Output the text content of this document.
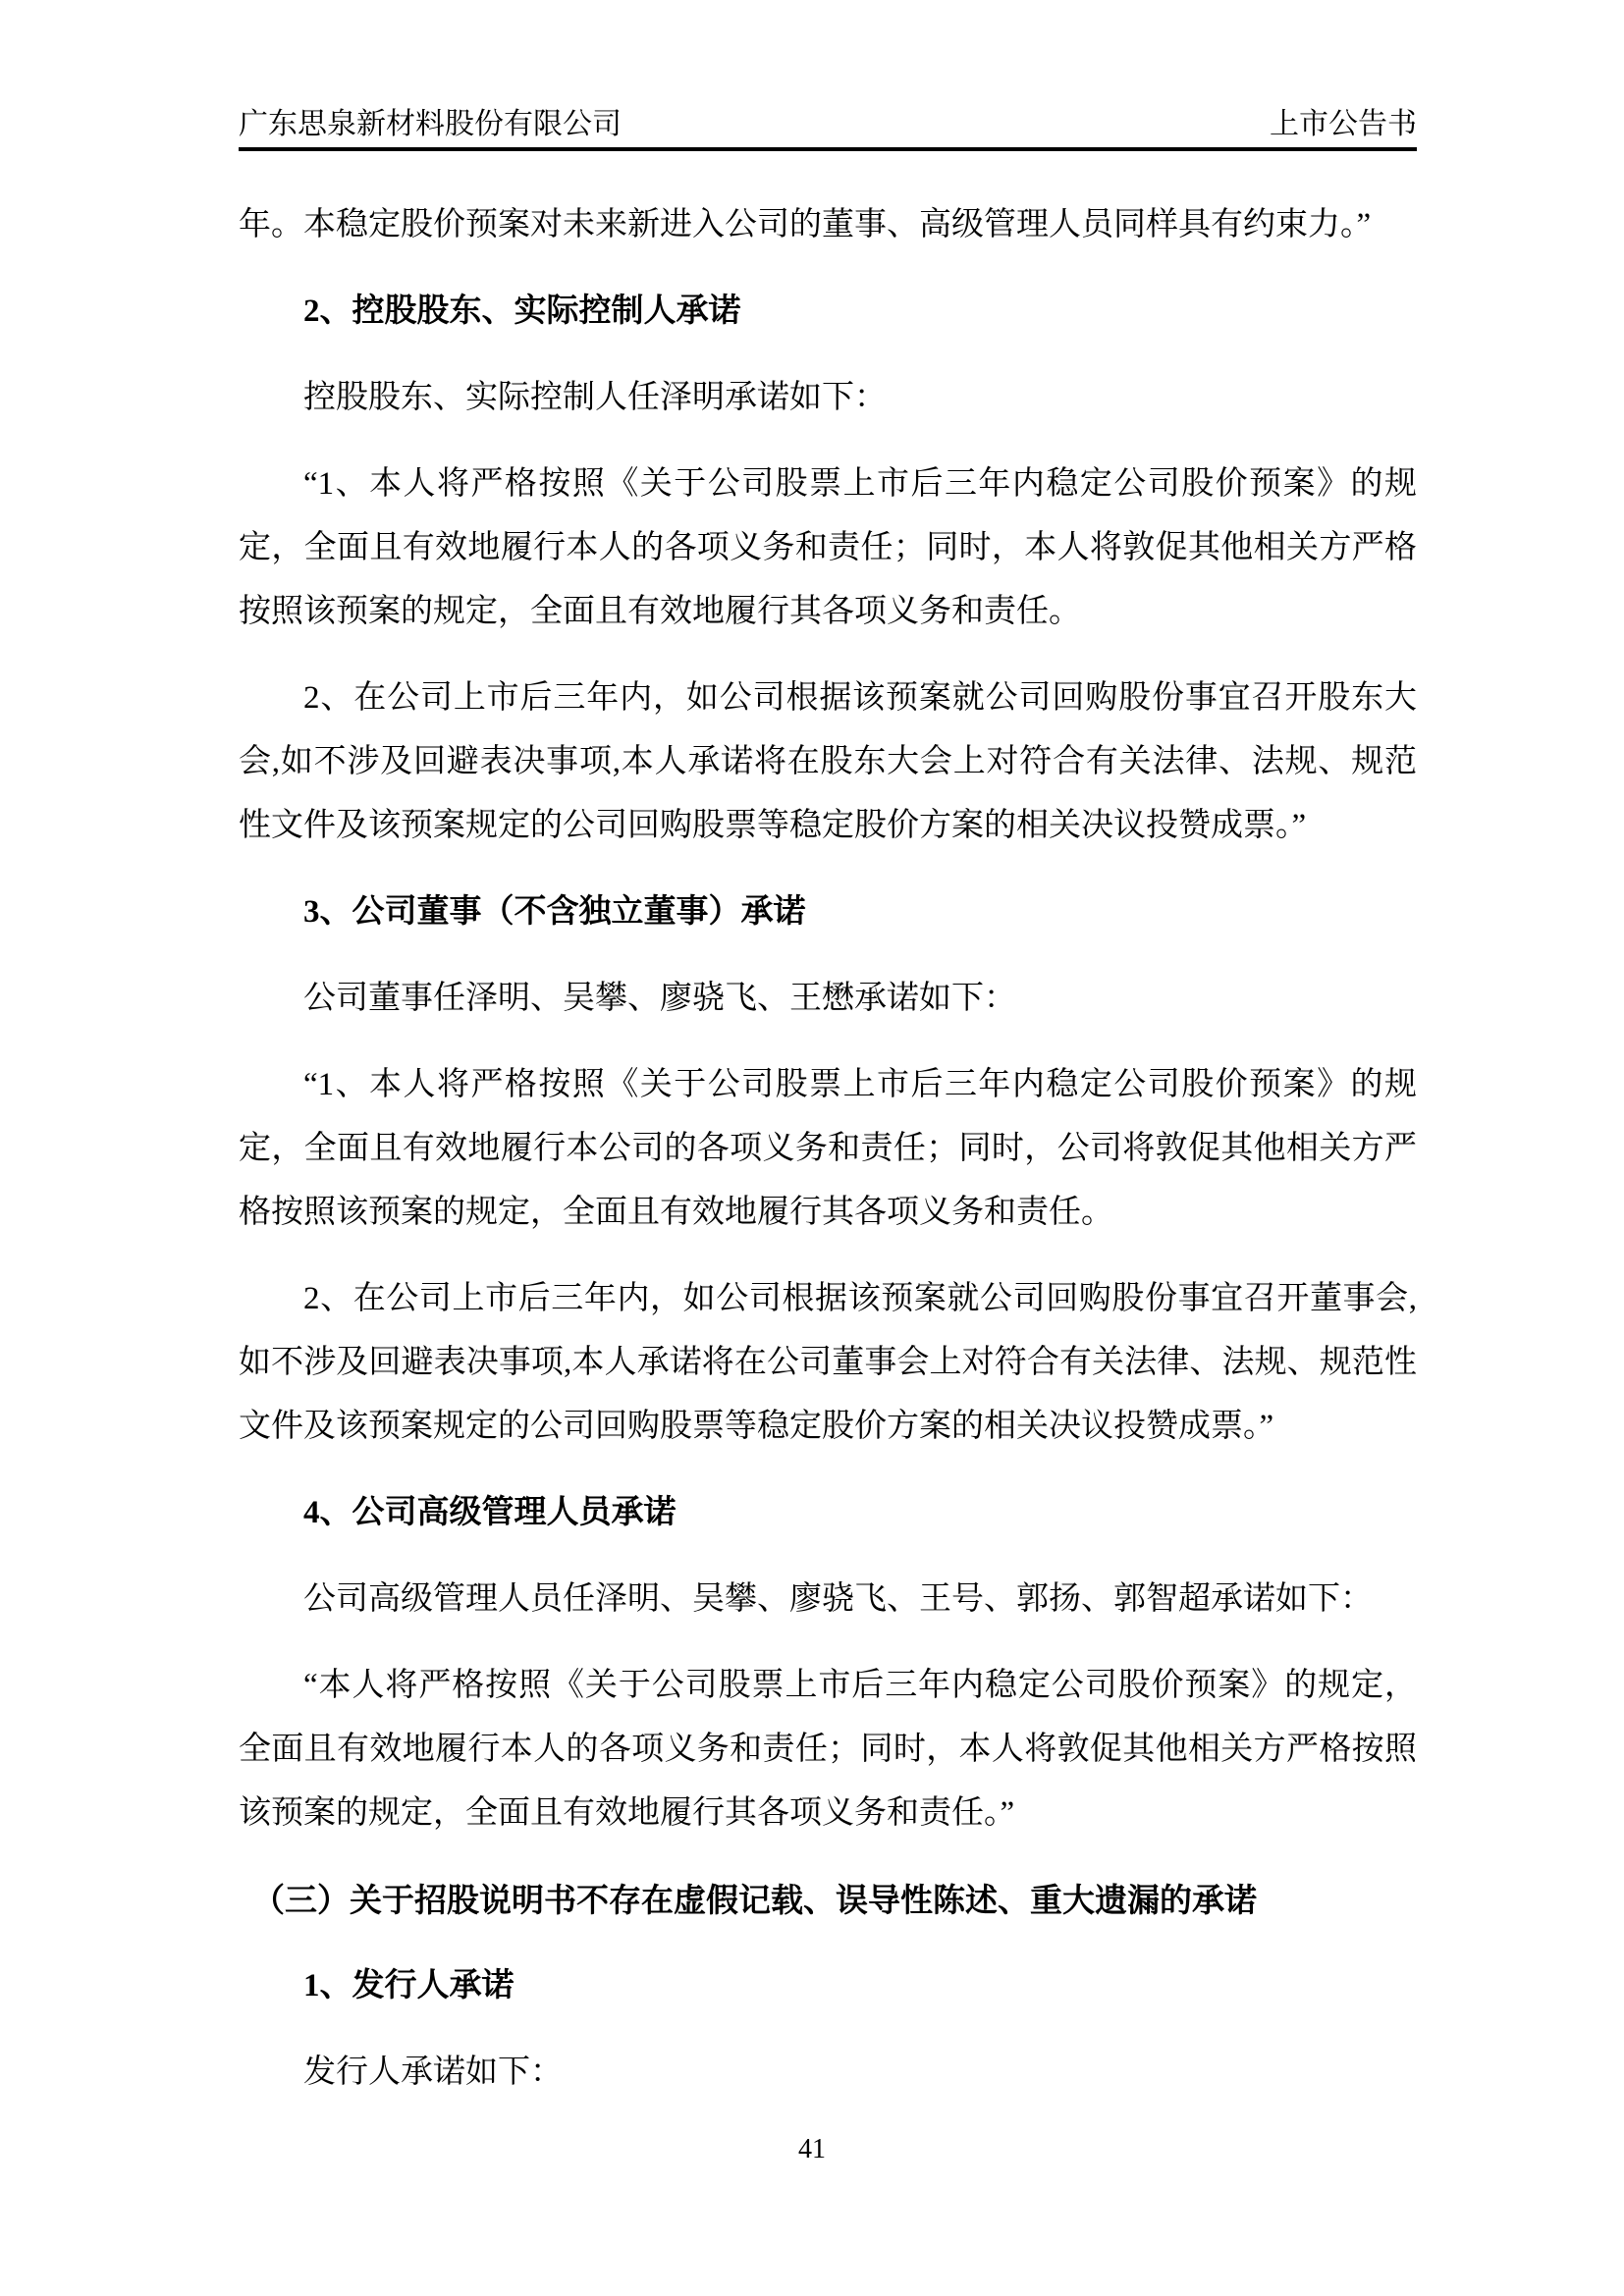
广东思泉新材料股份有限公司	上市公告书

年。本稳定股价预案对未来新进入公司的董事、高级管理人员同样具有约束力。”

2、控股股东、实际控制人承诺

控股股东、实际控制人任泽明承诺如下：

“1、本人将严格按照《关于公司股票上市后三年内稳定公司股价预案》的规定，全面且有效地履行本人的各项义务和责任；同时，本人将敦促其他相关方严格按照该预案的规定，全面且有效地履行其各项义务和责任。

2、在公司上市后三年内，如公司根据该预案就公司回购股份事宜召开股东大会,如不涉及回避表决事项,本人承诺将在股东大会上对符合有关法律、法规、规范性文件及该预案规定的公司回购股票等稳定股价方案的相关决议投赞成票。”

3、公司董事（不含独立董事）承诺

公司董事任泽明、吴攀、廖骁飞、王懋承诺如下：

“1、本人将严格按照《关于公司股票上市后三年内稳定公司股价预案》的规定，全面且有效地履行本公司的各项义务和责任；同时，公司将敦促其他相关方严格按照该预案的规定，全面且有效地履行其各项义务和责任。

2、在公司上市后三年内，如公司根据该预案就公司回购股份事宜召开董事会,如不涉及回避表决事项,本人承诺将在公司董事会上对符合有关法律、法规、规范性文件及该预案规定的公司回购股票等稳定股价方案的相关决议投赞成票。”

4、公司高级管理人员承诺

公司高级管理人员任泽明、吴攀、廖骁飞、王号、郭扬、郭智超承诺如下：

“本人将严格按照《关于公司股票上市后三年内稳定公司股价预案》的规定，全面且有效地履行本人的各项义务和责任；同时，本人将敦促其他相关方严格按照该预案的规定，全面且有效地履行其各项义务和责任。”

（三）关于招股说明书不存在虚假记载、误导性陈述、重大遗漏的承诺

1、发行人承诺

发行人承诺如下：

41
